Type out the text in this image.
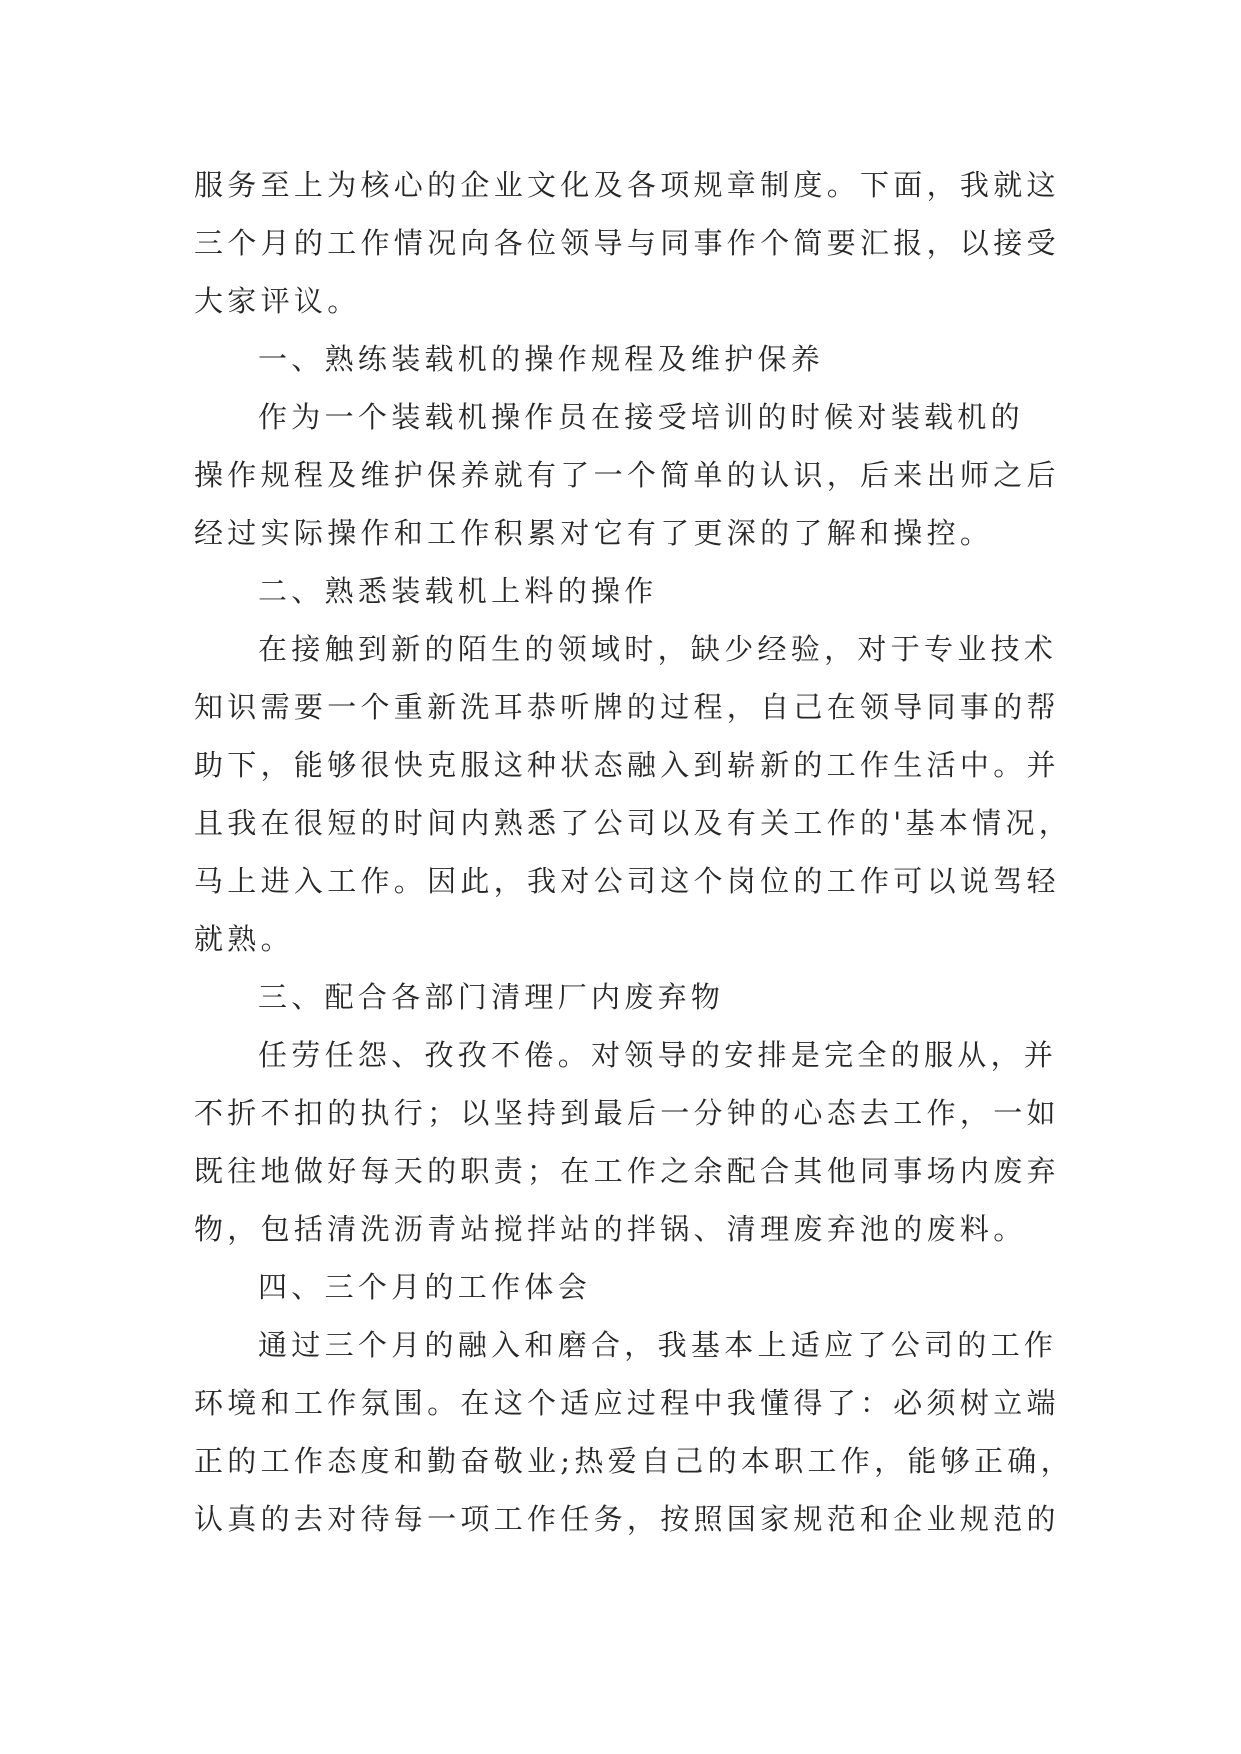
服务至上为核心的企业文化及各项规章制度。下面，我就这
三个月的工作情况向各位领导与同事作个简要汇报，以接受
大家评议。
一、熟练装载机的操作规程及维护保养
作为一个装载机操作员在接受培训的时候对装载机的
操作规程及维护保养就有了一个简单的认识，后来出师之后
经过实际操作和工作积累对它有了更深的了解和操控。
二、熟悉装载机上料的操作
在接触到新的陌生的领域时，缺少经验，对于专业技术
知识需要一个重新洗耳恭听牌的过程，自己在领导同事的帮
助下，能够很快克服这种状态融入到崭新的工作生活中。并
且我在很短的时间内熟悉了公司以及有关工作的'基本情况，
马上进入工作。因此，我对公司这个岗位的工作可以说驾轻
就熟。
三、配合各部门清理厂内废弃物
任劳任怨、孜孜不倦。对领导的安排是完全的服从，并
不折不扣的执行；以坚持到最后一分钟的心态去工作，一如
既往地做好每天的职责；在工作之余配合其他同事场内废弃
物，包括清洗沥青站搅拌站的拌锅、清理废弃池的废料。
四、三个月的工作体会
通过三个月的融入和磨合，我基本上适应了公司的工作
环境和工作氛围。在这个适应过程中我懂得了：必须树立端
正的工作态度和勤奋敬业;热爱自己的本职工作，能够正确，
认真的去对待每一项工作任务，按照国家规范和企业规范的
